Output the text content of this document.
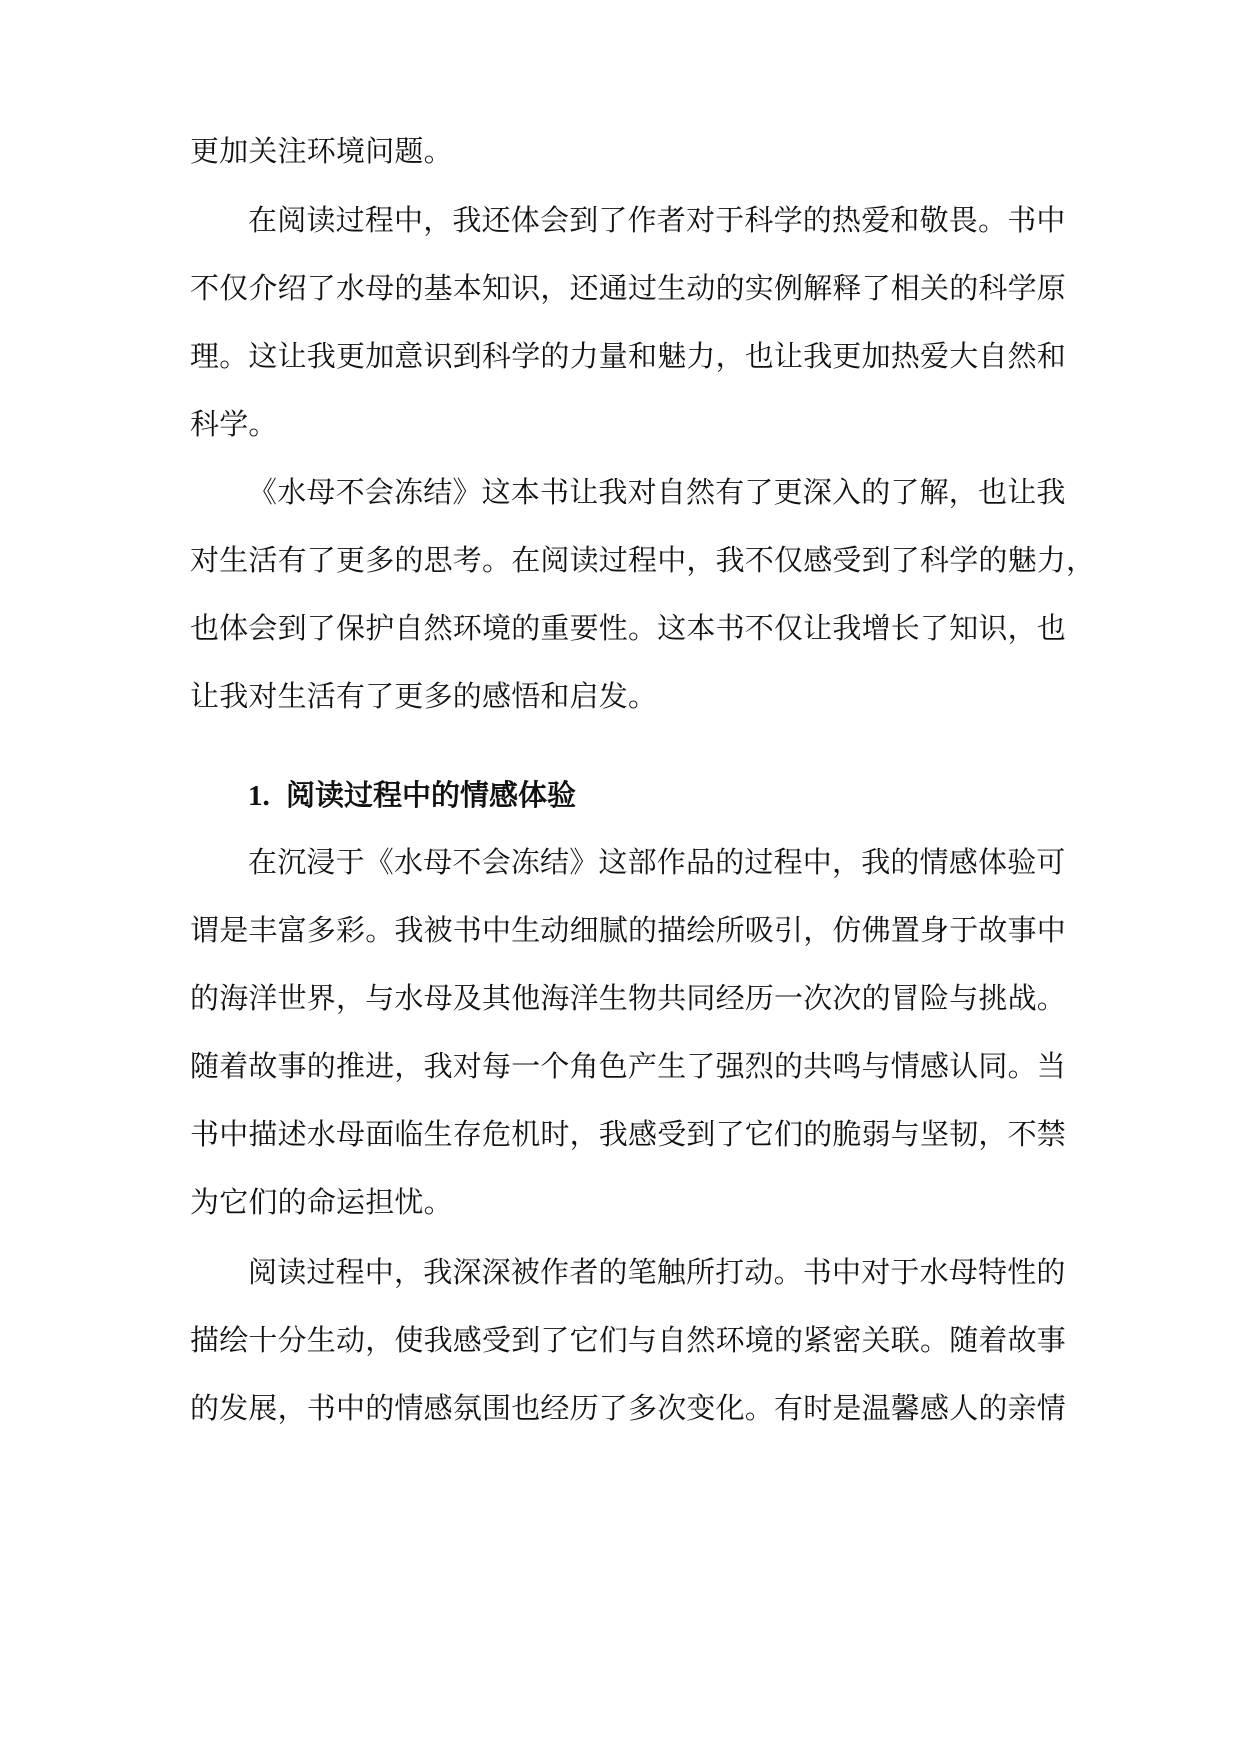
更加关注环境问题。
在阅读过程中，我还体会到了作者对于科学的热爱和敬畏。书中
不仅介绍了水母的基本知识，还通过生动的实例解释了相关的科学原
理。这让我更加意识到科学的力量和魅力，也让我更加热爱大自然和
科学。
《水母不会冻结》这本书让我对自然有了更深入的了解，也让我
对生活有了更多的思考。在阅读过程中，我不仅感受到了科学的魅力，
也体会到了保护自然环境的重要性。这本书不仅让我增长了知识，也
让我对生活有了更多的感悟和启发。
1. 阅读过程中的情感体验
在沉浸于《水母不会冻结》这部作品的过程中，我的情感体验可
谓是丰富多彩。我被书中生动细腻的描绘所吸引，仿佛置身于故事中
的海洋世界，与水母及其他海洋生物共同经历一次次的冒险与挑战。
随着故事的推进，我对每一个角色产生了强烈的共鸣与情感认同。当
书中描述水母面临生存危机时，我感受到了它们的脆弱与坚韧，不禁
为它们的命运担忧。
阅读过程中，我深深被作者的笔触所打动。书中对于水母特性的
描绘十分生动，使我感受到了它们与自然环境的紧密关联。随着故事
的发展，书中的情感氛围也经历了多次变化。有时是温馨感人的亲情
